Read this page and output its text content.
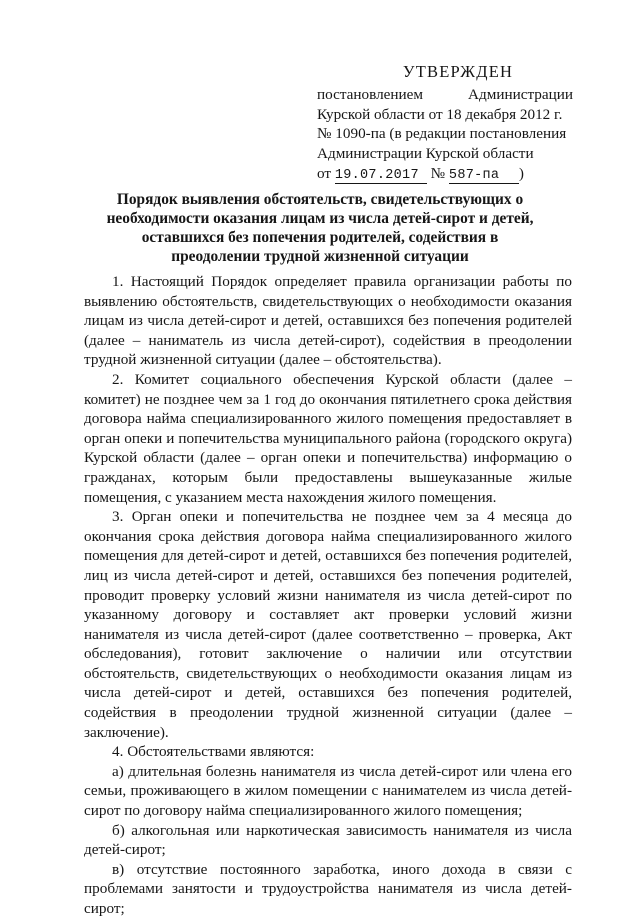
УТВЕРЖДЕН
постановлением Администрации
Курской области от 18 декабря 2012 г.
№ 1090-па (в редакции постановления
Администрации Курской области
от 19.07.2017 № 587-па )
Порядок выявления обстоятельств, свидетельствующих о необходимости оказания лицам из числа детей-сирот и детей, оставшихся без попечения родителей, содействия в преодолении трудной жизненной ситуации

1. Настоящий Порядок определяет правила организации работы по выявлению обстоятельств, свидетельствующих о необходимости оказания лицам из числа детей-сирот и детей, оставшихся без попечения родителей (далее – наниматель из числа детей-сирот), содействия в преодолении трудной жизненной ситуации (далее – обстоятельства).

2. Комитет социального обеспечения Курской области (далее – комитет) не позднее чем за 1 год до окончания пятилетнего срока действия договора найма специализированного жилого помещения предоставляет в орган опеки и попечительства муниципального района (городского округа) Курской области (далее – орган опеки и попечительства) информацию о гражданах, которым были предоставлены вышеуказанные жилые помещения, с указанием места нахождения жилого помещения.

3. Орган опеки и попечительства не позднее чем за 4 месяца до окончания срока действия договора найма специализированного жилого помещения для детей-сирот и детей, оставшихся без попечения родителей, лиц из числа детей-сирот и детей, оставшихся без попечения родителей, проводит проверку условий жизни нанимателя из числа детей-сирот по указанному договору и составляет акт проверки условий жизни нанимателя из числа детей-сирот (далее соответственно – проверка, Акт обследования), готовит заключение о наличии или отсутствии обстоятельств, свидетельствующих о необходимости оказания лицам из числа детей-сирот и детей, оставшихся без попечения родителей, содействия в преодолении трудной жизненной ситуации (далее – заключение).

4. Обстоятельствами являются:

а) длительная болезнь нанимателя из числа детей-сирот или члена его семьи, проживающего в жилом помещении с нанимателем из числа детей-сирот по договору найма специализированного жилого помещения;

б) алкогольная или наркотическая зависимость нанимателя из числа детей-сирот;

в) отсутствие постоянного заработка, иного дохода в связи с проблемами занятости и трудоустройства нанимателя из числа детей-сирот;
